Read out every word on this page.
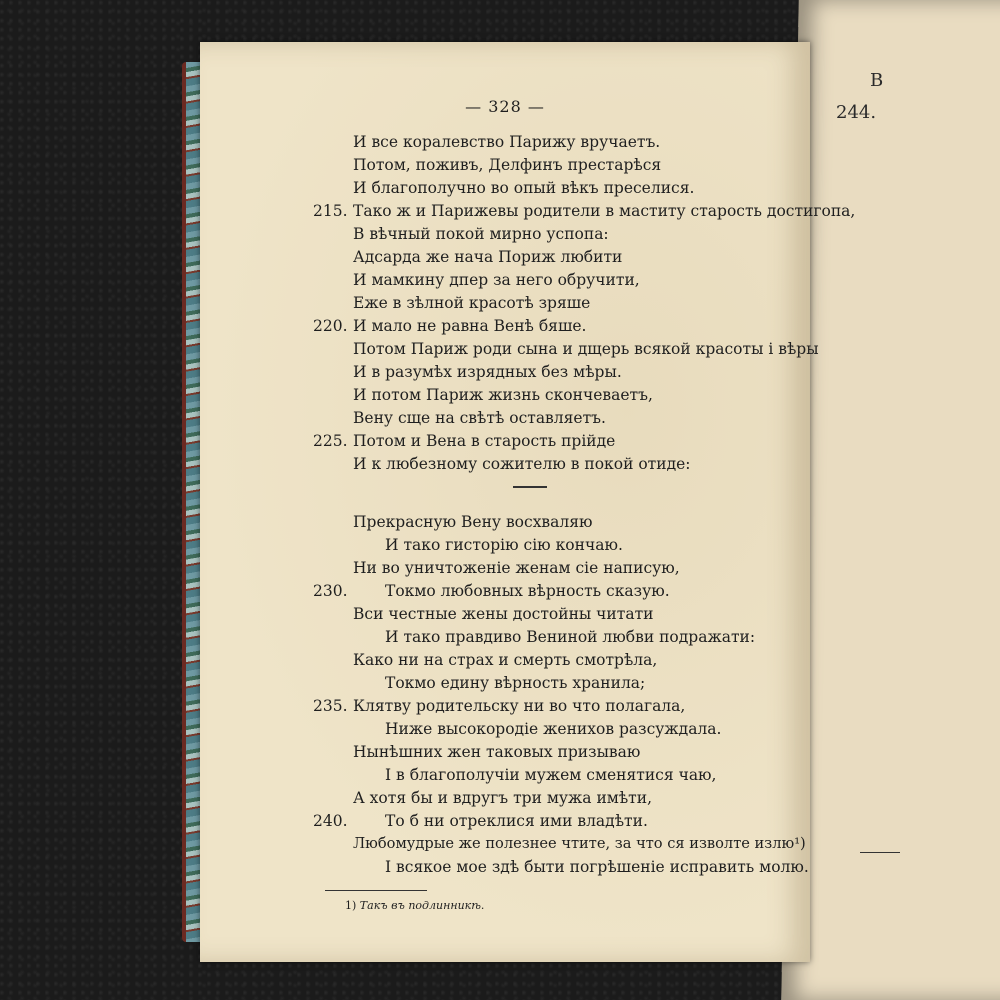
В
244.
— 328 —
И все коралевство Парижу вручаетъ.
Потом, поживъ, Делфинъ престарѣся
И благополучно во опый вѣкъ преселися.
215. Тако ж и Парижевы родители в маститу старость достигопа,
В вѣчный покой мирно успопа:
Адсарда же нача Пориж любити
И мамкину дпер за него обручити,
Еже в зѣлной красотѣ зряше
220. И мало не равна Венѣ бяше.
Потом Париж роди сына и дщерь всякой красоты і вѣры
И в разумѣх изрядных без мѣры.
И потом Париж жизнь скончеваетъ,
Вену сще на свѣтѣ оставляетъ.
225. Потом и Вена в старость прійде
И к любезному сожителю в покой отиде:
Прекрасную Вену восхваляю
И тако гисторію сію кончаю.
Ни во уничтоженіе женам сіе написую,
230. Токмо любовных вѣрность сказую.
Вси честные жены достойны читати
И тако правдиво Вениной любви подражати:
Како ни на страх и смерть смотрѣла,
Токмо едину вѣрность хранила;
235. Клятву родительску ни во что полагала,
Ниже высокородіе женихов разсуждала.
Нынѣшних жен таковых призываю
І в благополучіи мужем сменятися чаю,
А хотя бы и вдругъ три мужа имѣти,
240. То б ни отреклися ими владѣти.
Любомудрые же полезнее чтите, за что ся изволте излю¹)
І всякое мое здѣ быти погрѣшеніе исправить молю.
1) Такъ въ подлинникѣ.
